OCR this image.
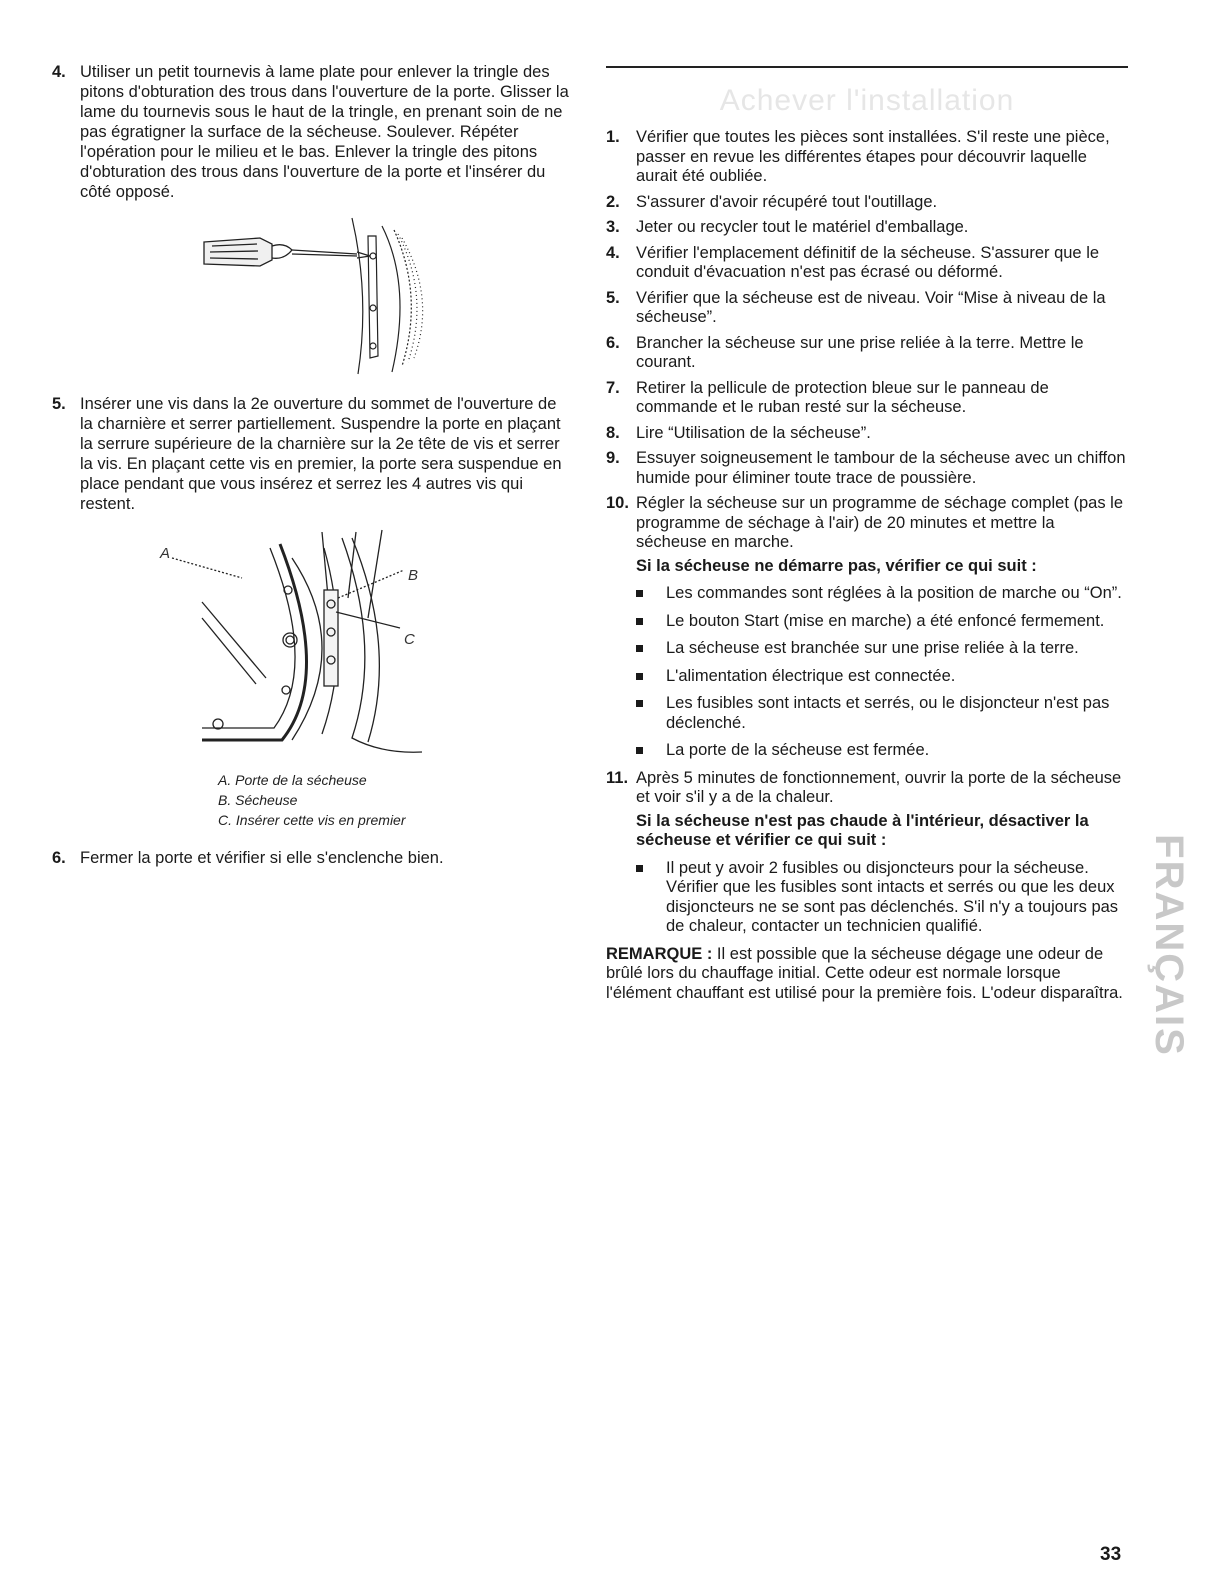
4. Utiliser un petit tournevis à lame plate pour enlever la tringle des pitons d'obturation des trous dans l'ouverture de la porte. Glisser la lame du tournevis sous le haut de la tringle, en prenant soin de ne pas égratigner la surface de la sécheuse. Soulever. Répéter l'opération pour le milieu et le bas. Enlever la tringle des pitons d'obturation des trous dans l'ouverture de la porte et l'insérer du côté opposé.
5. Insérer une vis dans la 2e ouverture du sommet de l'ouverture de la charnière et serrer partiellement. Suspendre la porte en plaçant la serrure supérieure de la charnière sur la 2e tête de vis et serrer la vis. En plaçant cette vis en premier, la porte sera suspendue en place pendant que vous insérez et serrez les 4 autres vis qui restent.
A
B
C
A. Porte de la sécheuse
B. Sécheuse
C. Insérer cette vis en premier
6. Fermer la porte et vérifier si elle s'enclenche bien.
Achever l'installation
1. Vérifier que toutes les pièces sont installées. S'il reste une pièce, passer en revue les différentes étapes pour découvrir laquelle aurait été oubliée.
2. S'assurer d'avoir récupéré tout l'outillage.
3. Jeter ou recycler tout le matériel d'emballage.
4. Vérifier l'emplacement définitif de la sécheuse. S'assurer que le conduit d'évacuation n'est pas écrasé ou déformé.
5. Vérifier que la sécheuse est de niveau. Voir “Mise à niveau de la sécheuse”.
6. Brancher la sécheuse sur une prise reliée à la terre. Mettre le courant.
7. Retirer la pellicule de protection bleue sur le panneau de commande et le ruban resté sur la sécheuse.
8. Lire “Utilisation de la sécheuse”.
9. Essuyer soigneusement le tambour de la sécheuse avec un chiffon humide pour éliminer toute trace de poussière.
10. Régler la sécheuse sur un programme de séchage complet (pas le programme de séchage à l'air) de 20 minutes et mettre la sécheuse en marche.
Si la sécheuse ne démarre pas, vérifier ce qui suit :
Les commandes sont réglées à la position de marche ou “On”.
Le bouton Start (mise en marche) a été enfoncé fermement.
La sécheuse est branchée sur une prise reliée à la terre.
L'alimentation électrique est connectée.
Les fusibles sont intacts et serrés, ou le disjoncteur n'est pas déclenché.
La porte de la sécheuse est fermée.
11. Après 5 minutes de fonctionnement, ouvrir la porte de la sécheuse et voir s'il y a de la chaleur.
Si la sécheuse n'est pas chaude à l'intérieur, désactiver la sécheuse et vérifier ce qui suit :
Il peut y avoir 2 fusibles ou disjoncteurs pour la sécheuse. Vérifier que les fusibles sont intacts et serrés ou que les deux disjoncteurs ne se sont pas déclenchés. S'il n'y a toujours pas de chaleur, contacter un technicien qualifié.
REMARQUE : Il est possible que la sécheuse dégage une odeur de brûlé lors du chauffage initial. Cette odeur est normale lorsque l'élément chauffant est utilisé pour la première fois. L'odeur disparaîtra. FRANÇAIS
33
